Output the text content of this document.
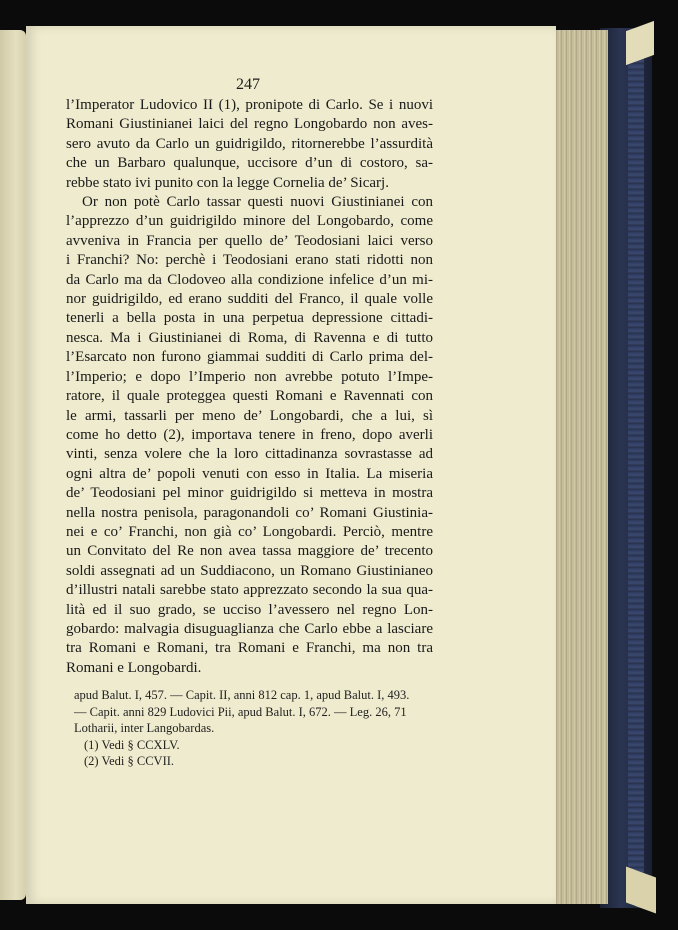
247
l’Imperator Ludovico II (1), pronipote di Carlo. Se i nuovi
Romani Giustinianei laici del regno Longobardo non aves-
sero avuto da Carlo un guidrigildo, ritornerebbe l’assurdità
che un Barbaro qualunque, uccisore d’un di costoro, sa-
rebbe stato ivi punito con la legge Cornelia de’ Sicarj.
Or non potè Carlo tassar questi nuovi Giustinianei con
l’apprezzo d’un guidrigildo minore del Longobardo, come
avveniva in Francia per quello de’ Teodosiani laici verso
i Franchi? No: perchè i Teodosiani erano stati ridotti non
da Carlo ma da Clodoveo alla condizione infelice d’un mi-
nor guidrigildo, ed erano sudditi del Franco, il quale volle
tenerli a bella posta in una perpetua depressione cittadi-
nesca. Ma i Giustinianei di Roma, di Ravenna e di tutto
l’Esarcato non furono giammai sudditi di Carlo prima del-
l’Imperio; e dopo l’Imperio non avrebbe potuto l’Impe-
ratore, il quale proteggea questi Romani e Ravennati con
le armi, tassarli per meno de’ Longobardi, che a lui, sì
come ho detto (2), importava tenere in freno, dopo averli
vinti, senza volere che la loro cittadinanza sovrastasse ad
ogni altra de’ popoli venuti con esso in Italia. La miseria
de’ Teodosiani pel minor guidrigildo si metteva in mostra
nella nostra penisola, paragonandoli co’ Romani Giustinia-
nei e co’ Franchi, non già co’ Longobardi. Perciò, mentre
un Convitato del Re non avea tassa maggiore de’ trecento
soldi assegnati ad un Suddiacono, un Romano Giustinianeo
d’illustri natali sarebbe stato apprezzato secondo la sua qua-
lità ed il suo grado, se ucciso l’avessero nel regno Lon-
gobardo: malvagia disuguaglianza che Carlo ebbe a lasciare
tra Romani e Romani, tra Romani e Franchi, ma non tra
Romani e Longobardi.
apud Balut. I, 457. — Capit. II, anni 812 cap. 1, apud Balut. I, 493.
— Capit. anni 829 Ludovici Pii, apud Balut. I, 672. — Leg. 26, 71
Lotharii, inter Langobardas.
(1) Vedi § CCXLV.
(2) Vedi § CCVII.
